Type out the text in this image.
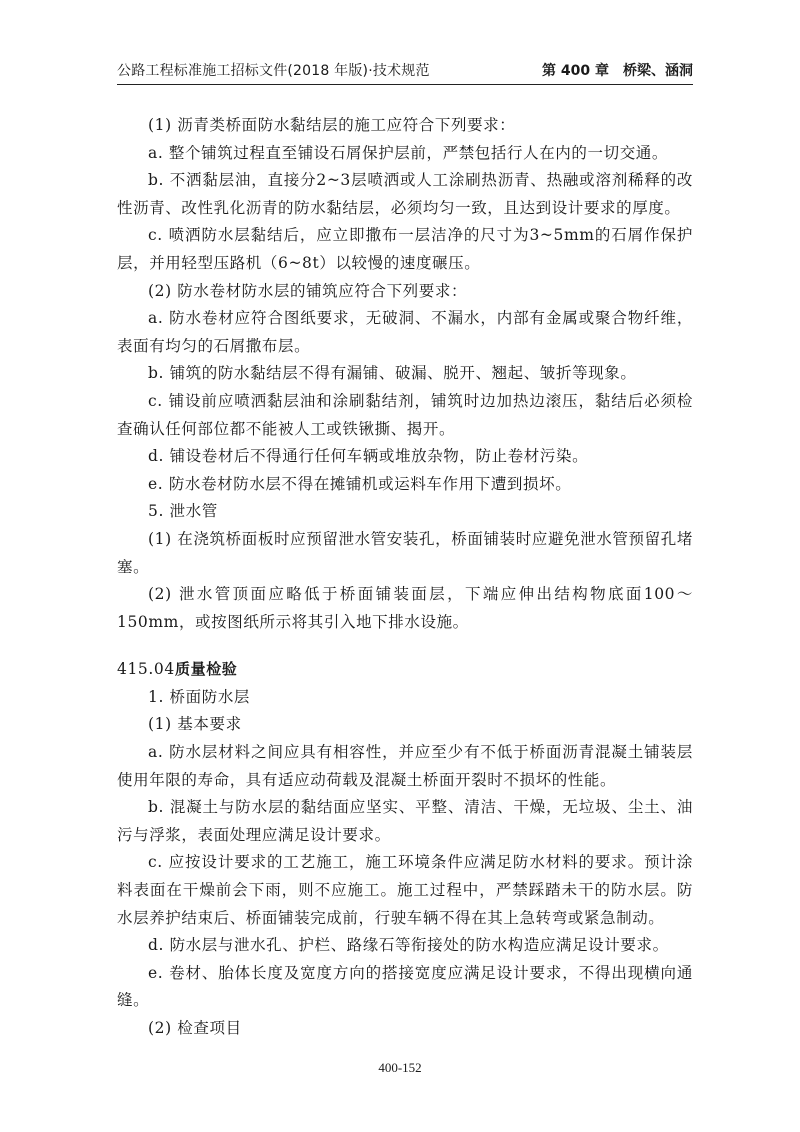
公路工程标准施工招标文件(2018 年版)·技术规范	第 400 章　桥梁、涵洞

(1) 沥青类桥面防水黏结层的施工应符合下列要求：

a. 整个铺筑过程直至铺设石屑保护层前，严禁包括行人在内的一切交通。

b. 不洒黏层油，直接分2~3层喷洒或人工涂刷热沥青、热融或溶剂稀释的改性沥青、改性乳化沥青的防水黏结层，必须均匀一致，且达到设计要求的厚度。

c. 喷洒防水层黏结后，应立即撒布一层洁净的尺寸为3~5mm的石屑作保护层，并用轻型压路机（6~8t）以较慢的速度碾压。

(2) 防水卷材防水层的铺筑应符合下列要求：

a. 防水卷材应符合图纸要求，无破洞、不漏水，内部有金属或聚合物纤维，表面有均匀的石屑撒布层。

b. 铺筑的防水黏结层不得有漏铺、破漏、脱开、翘起、皱折等现象。

c. 铺设前应喷洒黏层油和涂刷黏结剂，铺筑时边加热边滚压，黏结后必须检查确认任何部位都不能被人工或铁锹撕、揭开。

d. 铺设卷材后不得通行任何车辆或堆放杂物，防止卷材污染。

e. 防水卷材防水层不得在摊铺机或运料车作用下遭到损坏。

5. 泄水管

(1) 在浇筑桥面板时应预留泄水管安装孔，桥面铺装时应避免泄水管预留孔堵塞。

(2) 泄水管顶面应略低于桥面铺装面层，下端应伸出结构物底面100～150mm，或按图纸所示将其引入地下排水设施。

415.04质量检验

1. 桥面防水层

(1) 基本要求

a. 防水层材料之间应具有相容性，并应至少有不低于桥面沥青混凝土铺装层使用年限的寿命，具有适应动荷载及混凝土桥面开裂时不损坏的性能。

b. 混凝土与防水层的黏结面应坚实、平整、清洁、干燥，无垃圾、尘土、油污与浮浆，表面处理应满足设计要求。

c. 应按设计要求的工艺施工，施工环境条件应满足防水材料的要求。预计涂料表面在干燥前会下雨，则不应施工。施工过程中，严禁踩踏未干的防水层。防水层养护结束后、桥面铺装完成前，行驶车辆不得在其上急转弯或紧急制动。

d. 防水层与泄水孔、护栏、路缘石等衔接处的防水构造应满足设计要求。

e. 卷材、胎体长度及宽度方向的搭接宽度应满足设计要求，不得出现横向通缝。

(2) 检查项目

400-152
